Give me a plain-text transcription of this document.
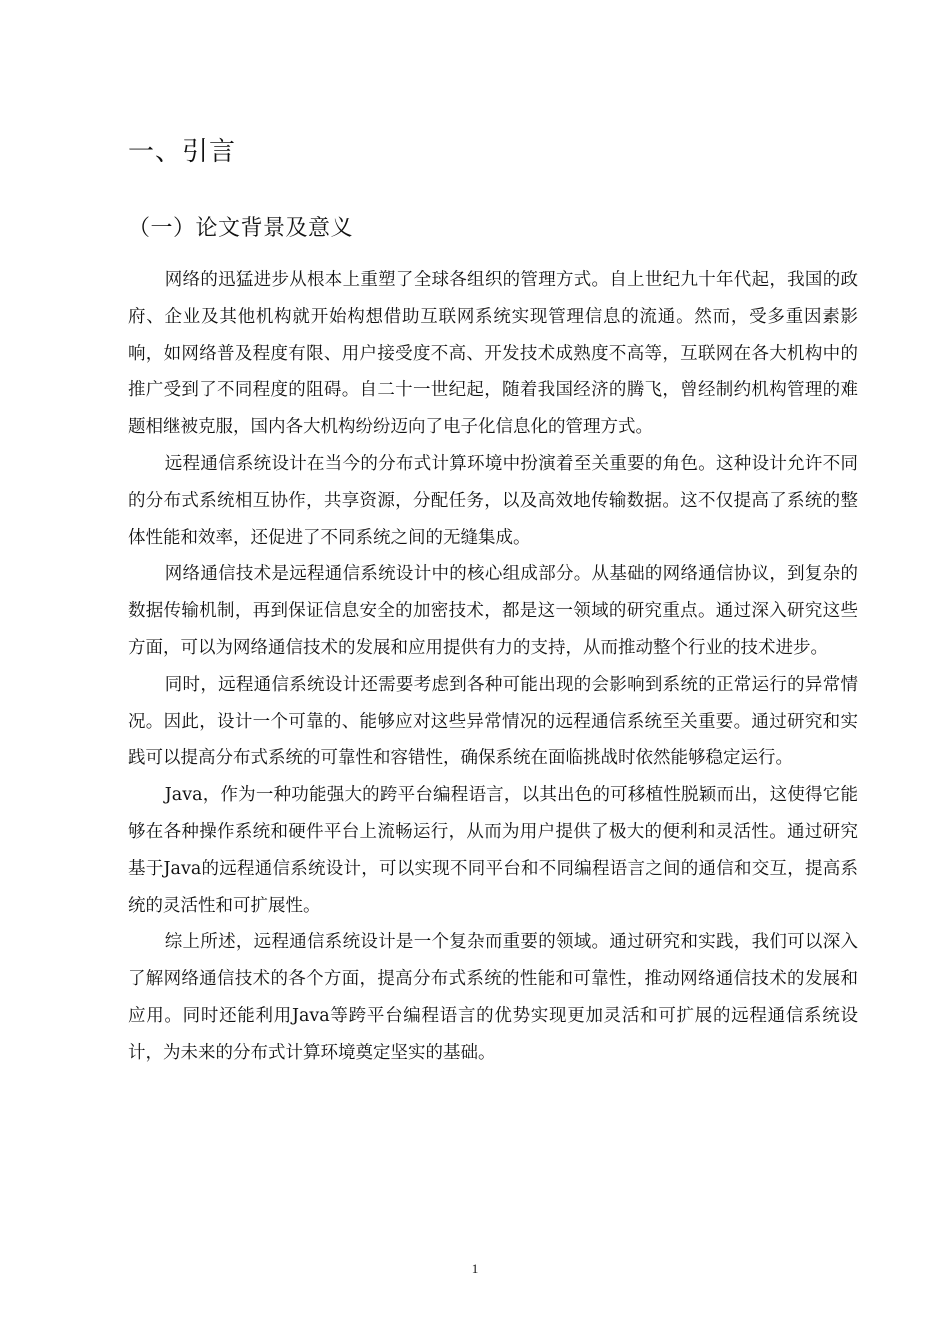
一、引言
（一）论文背景及意义

网络的迅猛进步从根本上重塑了全球各组织的管理方式。自上世纪九十年代起，我国的政府、企业及其他机构就开始构想借助互联网系统实现管理信息的流通。然而，受多重因素影响，如网络普及程度有限、用户接受度不高、开发技术成熟度不高等，互联网在各大机构中的推广受到了不同程度的阻碍。自二十一世纪起，随着我国经济的腾飞，曾经制约机构管理的难题相继被克服，国内各大机构纷纷迈向了电子化信息化的管理方式。

远程通信系统设计在当今的分布式计算环境中扮演着至关重要的角色。这种设计允许不同的分布式系统相互协作，共享资源，分配任务，以及高效地传输数据。这不仅提高了系统的整体性能和效率，还促进了不同系统之间的无缝集成。

网络通信技术是远程通信系统设计中的核心组成部分。从基础的网络通信协议，到复杂的数据传输机制，再到保证信息安全的加密技术，都是这一领域的研究重点。通过深入研究这些方面，可以为网络通信技术的发展和应用提供有力的支持，从而推动整个行业的技术进步。

同时，远程通信系统设计还需要考虑到各种可能出现的会影响到系统的正常运行的异常情况。因此，设计一个可靠的、能够应对这些异常情况的远程通信系统至关重要。通过研究和实践可以提高分布式系统的可靠性和容错性，确保系统在面临挑战时依然能够稳定运行。

Java，作为一种功能强大的跨平台编程语言，以其出色的可移植性脱颖而出，这使得它能够在各种操作系统和硬件平台上流畅运行，从而为用户提供了极大的便利和灵活性。通过研究基于Java的远程通信系统设计，可以实现不同平台和不同编程语言之间的通信和交互，提高系统的灵活性和可扩展性。

综上所述，远程通信系统设计是一个复杂而重要的领域。通过研究和实践，我们可以深入了解网络通信技术的各个方面，提高分布式系统的性能和可靠性，推动网络通信技术的发展和应用。同时还能利用Java等跨平台编程语言的优势实现更加灵活和可扩展的远程通信系统设计，为未来的分布式计算环境奠定坚实的基础。

1
